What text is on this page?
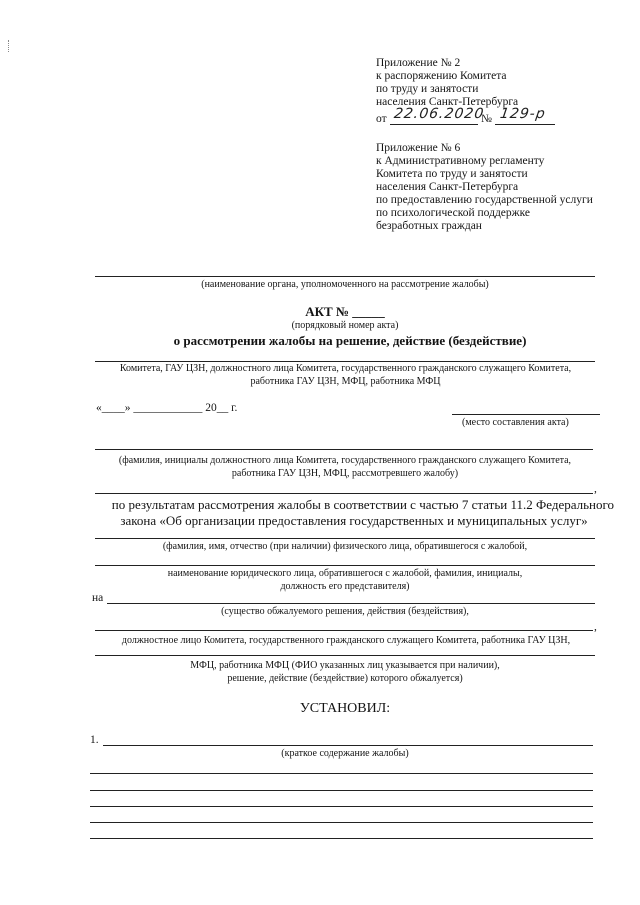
Приложение № 2
к распоряжению Комитета
по труду и занятости
населения Санкт-Петербурга
от 22.06.2020
№ 129-р
Приложение № 6
к Административному регламенту
Комитета по труду и занятости
населения Санкт-Петербурга
по предоставлению государственной услуги
по психологической поддержке
безработных граждан
(наименование органа, уполномоченного на рассмотрение жалобы)
АКТ № _____
(порядковый номер акта)
о рассмотрении жалобы на решение, действие (бездействие)
Комитета, ГАУ ЦЗН, должностного лица Комитета, государственного гражданского служащего Комитета,
работника ГАУ ЦЗН, МФЦ, работника МФЦ
«____» ____________ 20__ г.
(место составления акта)
(фамилия, инициалы должностного лица Комитета, государственного гражданского служащего Комитета,
работника ГАУ ЦЗН, МФЦ, рассмотревшего жалобу)
,
по результатам рассмотрения жалобы в соответствии с частью 7 статьи 11.2 Федерального
закона «Об организации предоставления государственных и муниципальных услуг»
(фамилия, имя, отчество (при наличии) физического лица, обратившегося с жалобой,
наименование юридического лица, обратившегося с жалобой, фамилия, инициалы,
должность его представителя)
на
(существо обжалуемого решения, действия (бездействия),
,
должностное лицо Комитета, государственного гражданского служащего Комитета, работника ГАУ ЦЗН,
МФЦ, работника МФЦ (ФИО указанных лиц указывается при наличии),
решение, действие (бездействие) которого обжалуется)
УСТАНОВИЛ:
1.
(краткое содержание жалобы)
